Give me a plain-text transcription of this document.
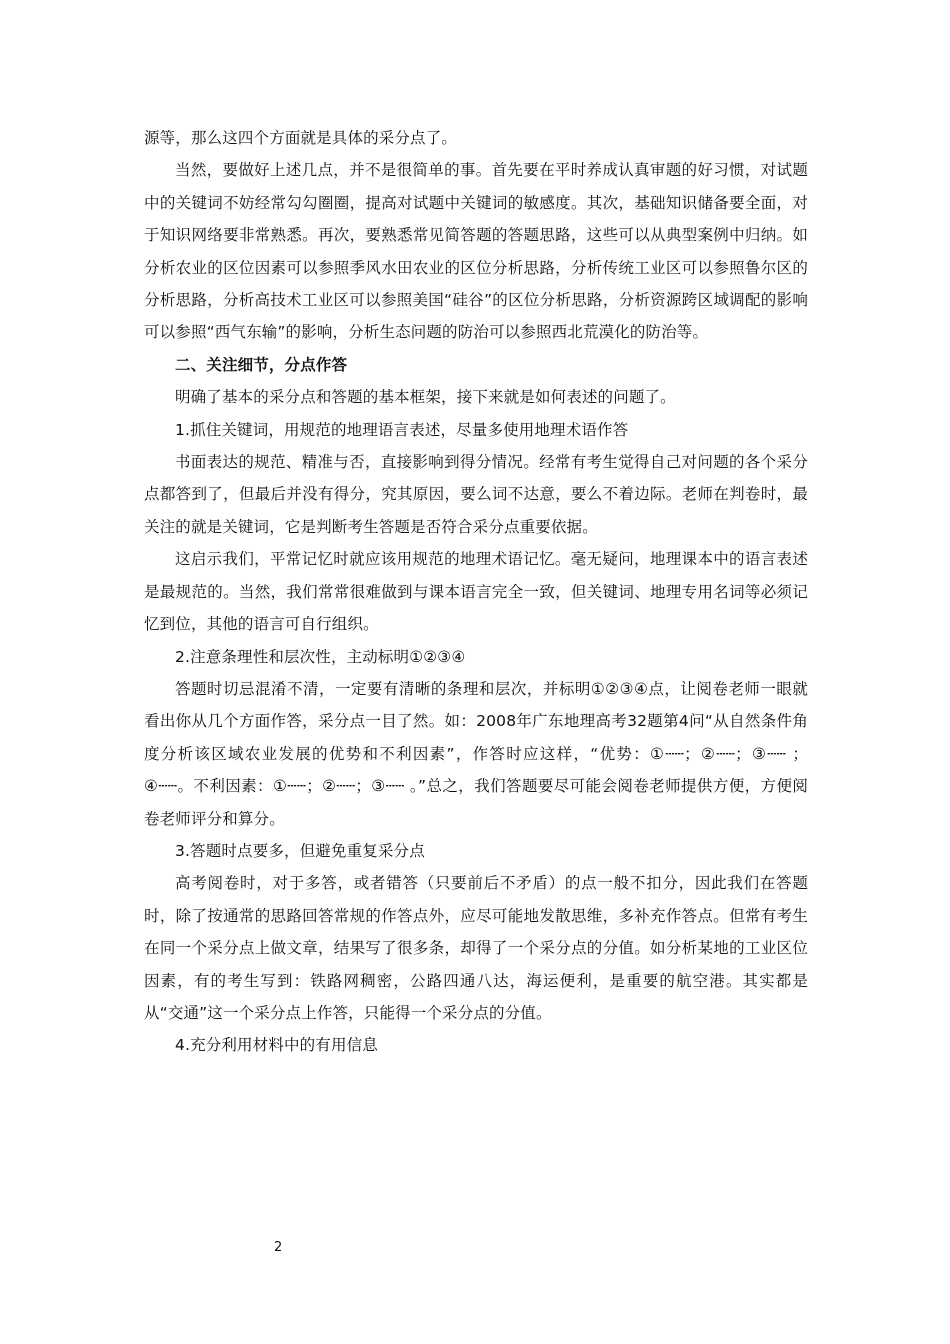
源等，那么这四个方面就是具体的采分点了。

当然，要做好上述几点，并不是很简单的事。首先要在平时养成认真审题的好习惯，对试题中的关键词不妨经常勾勾圈圈，提高对试题中关键词的敏感度。其次，基础知识储备要全面，对于知识网络要非常熟悉。再次，要熟悉常见简答题的答题思路，这些可以从典型案例中归纳。如分析农业的区位因素可以参照季风水田农业的区位分析思路，分析传统工业区可以参照鲁尔区的分析思路，分析高技术工业区可以参照美国“硅谷”的区位分析思路，分析资源跨区域调配的影响可以参照“西气东输”的影响，分析生态问题的防治可以参照西北荒漠化的防治等。

二、关注细节，分点作答

明确了基本的采分点和答题的基本框架，接下来就是如何表述的问题了。

1.抓住关键词，用规范的地理语言表述，尽量多使用地理术语作答

书面表达的规范、精准与否，直接影响到得分情况。经常有考生觉得自己对问题的各个采分点都答到了，但最后并没有得分，究其原因，要么词不达意，要么不着边际。老师在判卷时，最关注的就是关键词，它是判断考生答题是否符合采分点重要依据。

这启示我们，平常记忆时就应该用规范的地理术语记忆。毫无疑问，地理课本中的语言表述是最规范的。当然，我们常常很难做到与课本语言完全一致，但关键词、地理专用名词等必须记忆到位，其他的语言可自行组织。

2.注意条理性和层次性，主动标明①②③④

答题时切忌混淆不清，一定要有清晰的条理和层次，并标明①②③④点，让阅卷老师一眼就看出你从几个方面作答，采分点一目了然。如：2008年广东地理高考32题第4问“从自然条件角度分析该区域农业发展的优势和不利因素”，作答时应这样，“优势：①┄┄；②┄┄；③┄┄ ；④┄┄。不利因素：①┄┄；②┄┄；③┄┄ 。”总之，我们答题要尽可能会阅卷老师提供方便，方便阅卷老师评分和算分。

3.答题时点要多，但避免重复采分点

高考阅卷时，对于多答，或者错答（只要前后不矛盾）的点一般不扣分，因此我们在答题时，除了按通常的思路回答常规的作答点外，应尽可能地发散思维，多补充作答点。但常有考生在同一个采分点上做文章，结果写了很多条，却得了一个采分点的分值。如分析某地的工业区位因素，有的考生写到：铁路网稠密，公路四通八达，海运便利，是重要的航空港。其实都是从“交通”这一个采分点上作答，只能得一个采分点的分值。

4.充分利用材料中的有用信息

2
